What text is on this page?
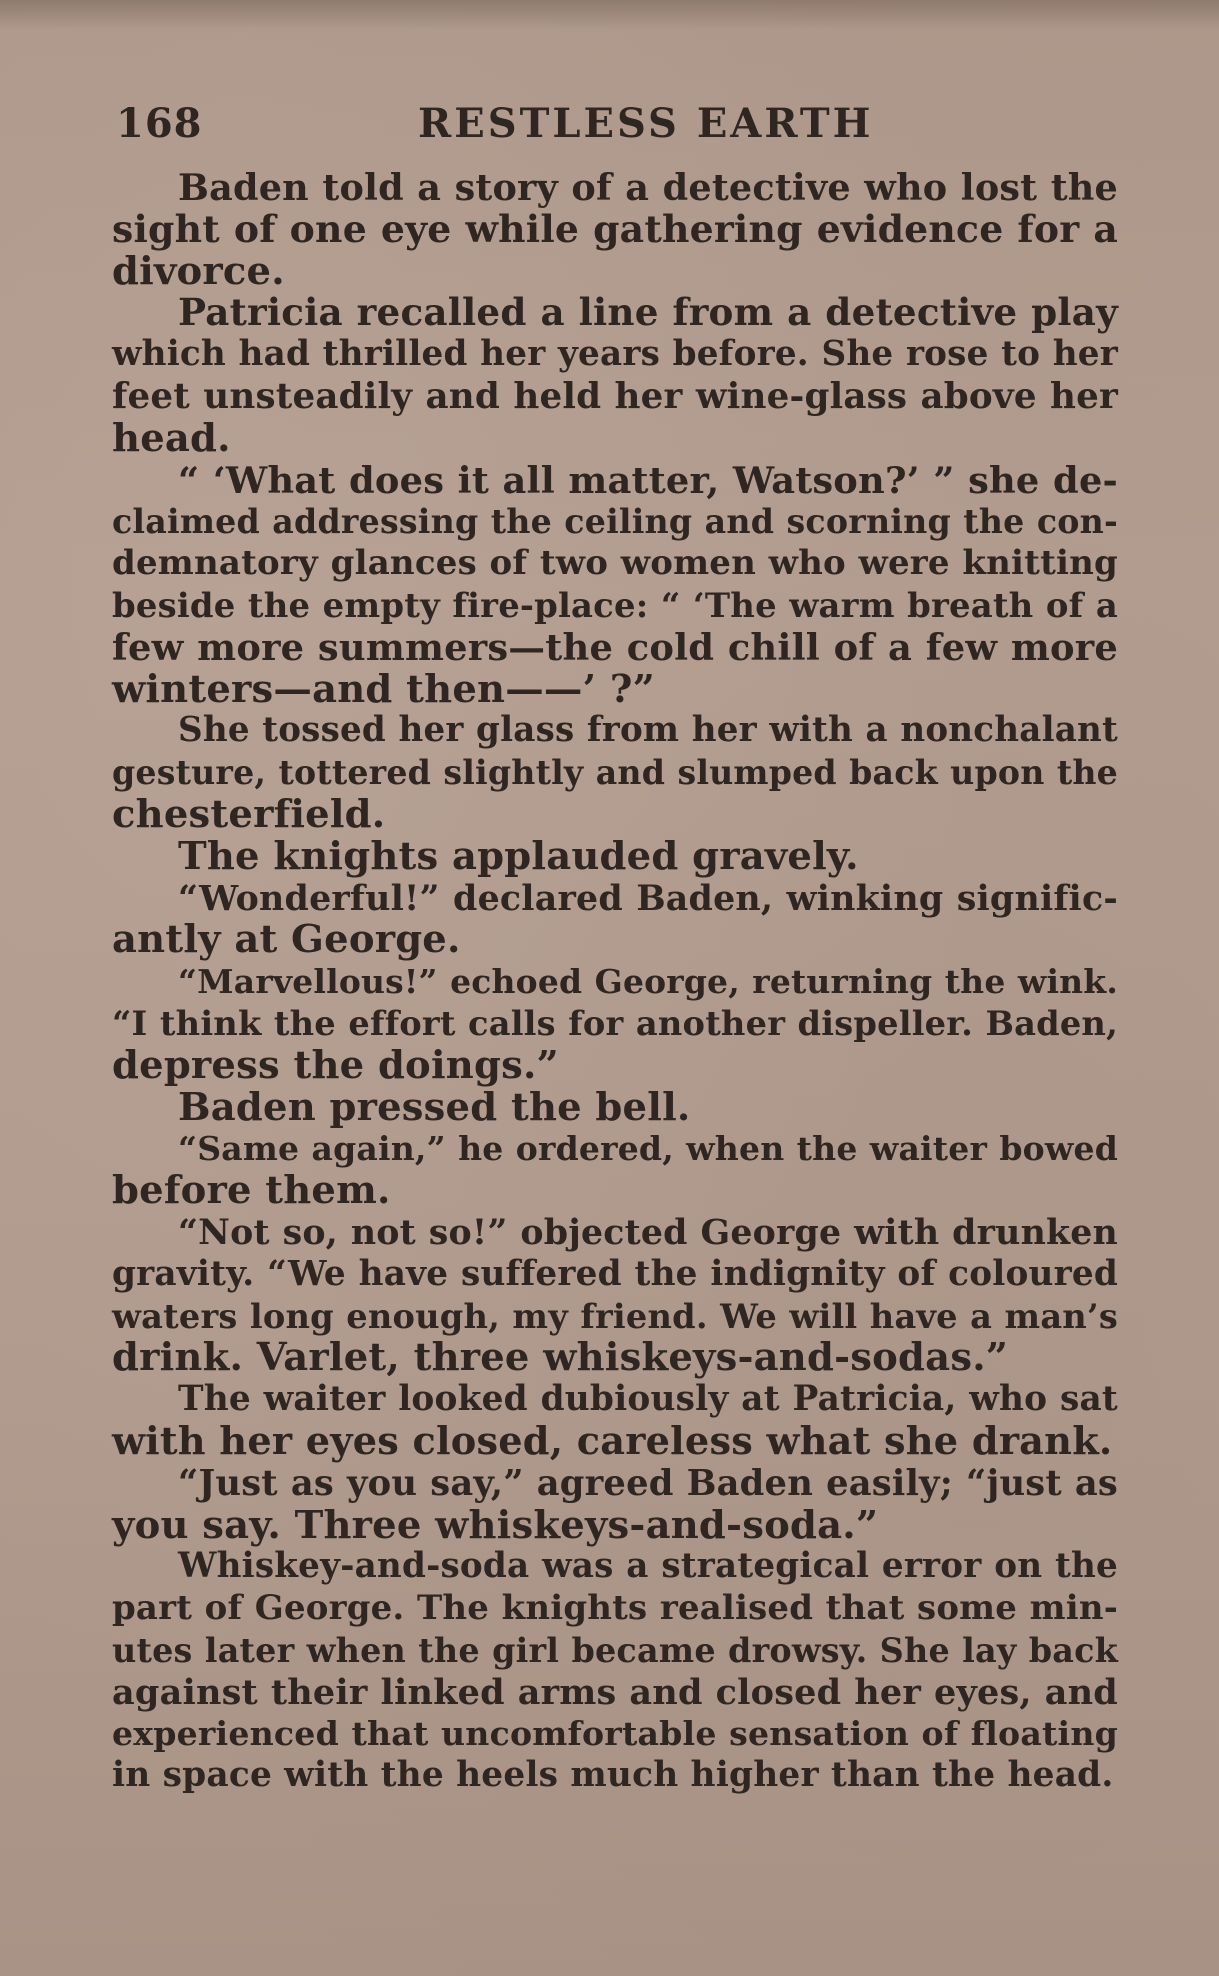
168	RESTLESS EARTH
Baden told a story of a detective who lost the
sight of one eye while gathering evidence for a
divorce.
Patricia recalled a line from a detective play
which had thrilled her years before. She rose to her
feet unsteadily and held her wine-glass above her
head.
“ ‘What does it all matter, Watson?’ ” she de-
claimed addressing the ceiling and scorning the con-
demnatory glances of two women who were knitting
beside the empty fire-place: “ ‘The warm breath of a
few more summers—the cold chill of a few more
winters—and then——’ ?”
She tossed her glass from her with a nonchalant
gesture, tottered slightly and slumped back upon the
chesterfield.
The knights applauded gravely.
“Wonderful!” declared Baden, winking signific-
antly at George.
“Marvellous!” echoed George, returning the wink.
“I think the effort calls for another dispeller. Baden,
depress the doings.”
Baden pressed the bell.
“Same again,” he ordered, when the waiter bowed
before them.
“Not so, not so!” objected George with drunken
gravity. “We have suffered the indignity of coloured
waters long enough, my friend. We will have a man’s
drink. Varlet, three whiskeys-and-sodas.”
The waiter looked dubiously at Patricia, who sat
with her eyes closed, careless what she drank.
“Just as you say,” agreed Baden easily; “just as
you say. Three whiskeys-and-soda.”
Whiskey-and-soda was a strategical error on the
part of George. The knights realised that some min-
utes later when the girl became drowsy. She lay back
against their linked arms and closed her eyes, and
experienced that uncomfortable sensation of floating
in space with the heels much higher than the head.
